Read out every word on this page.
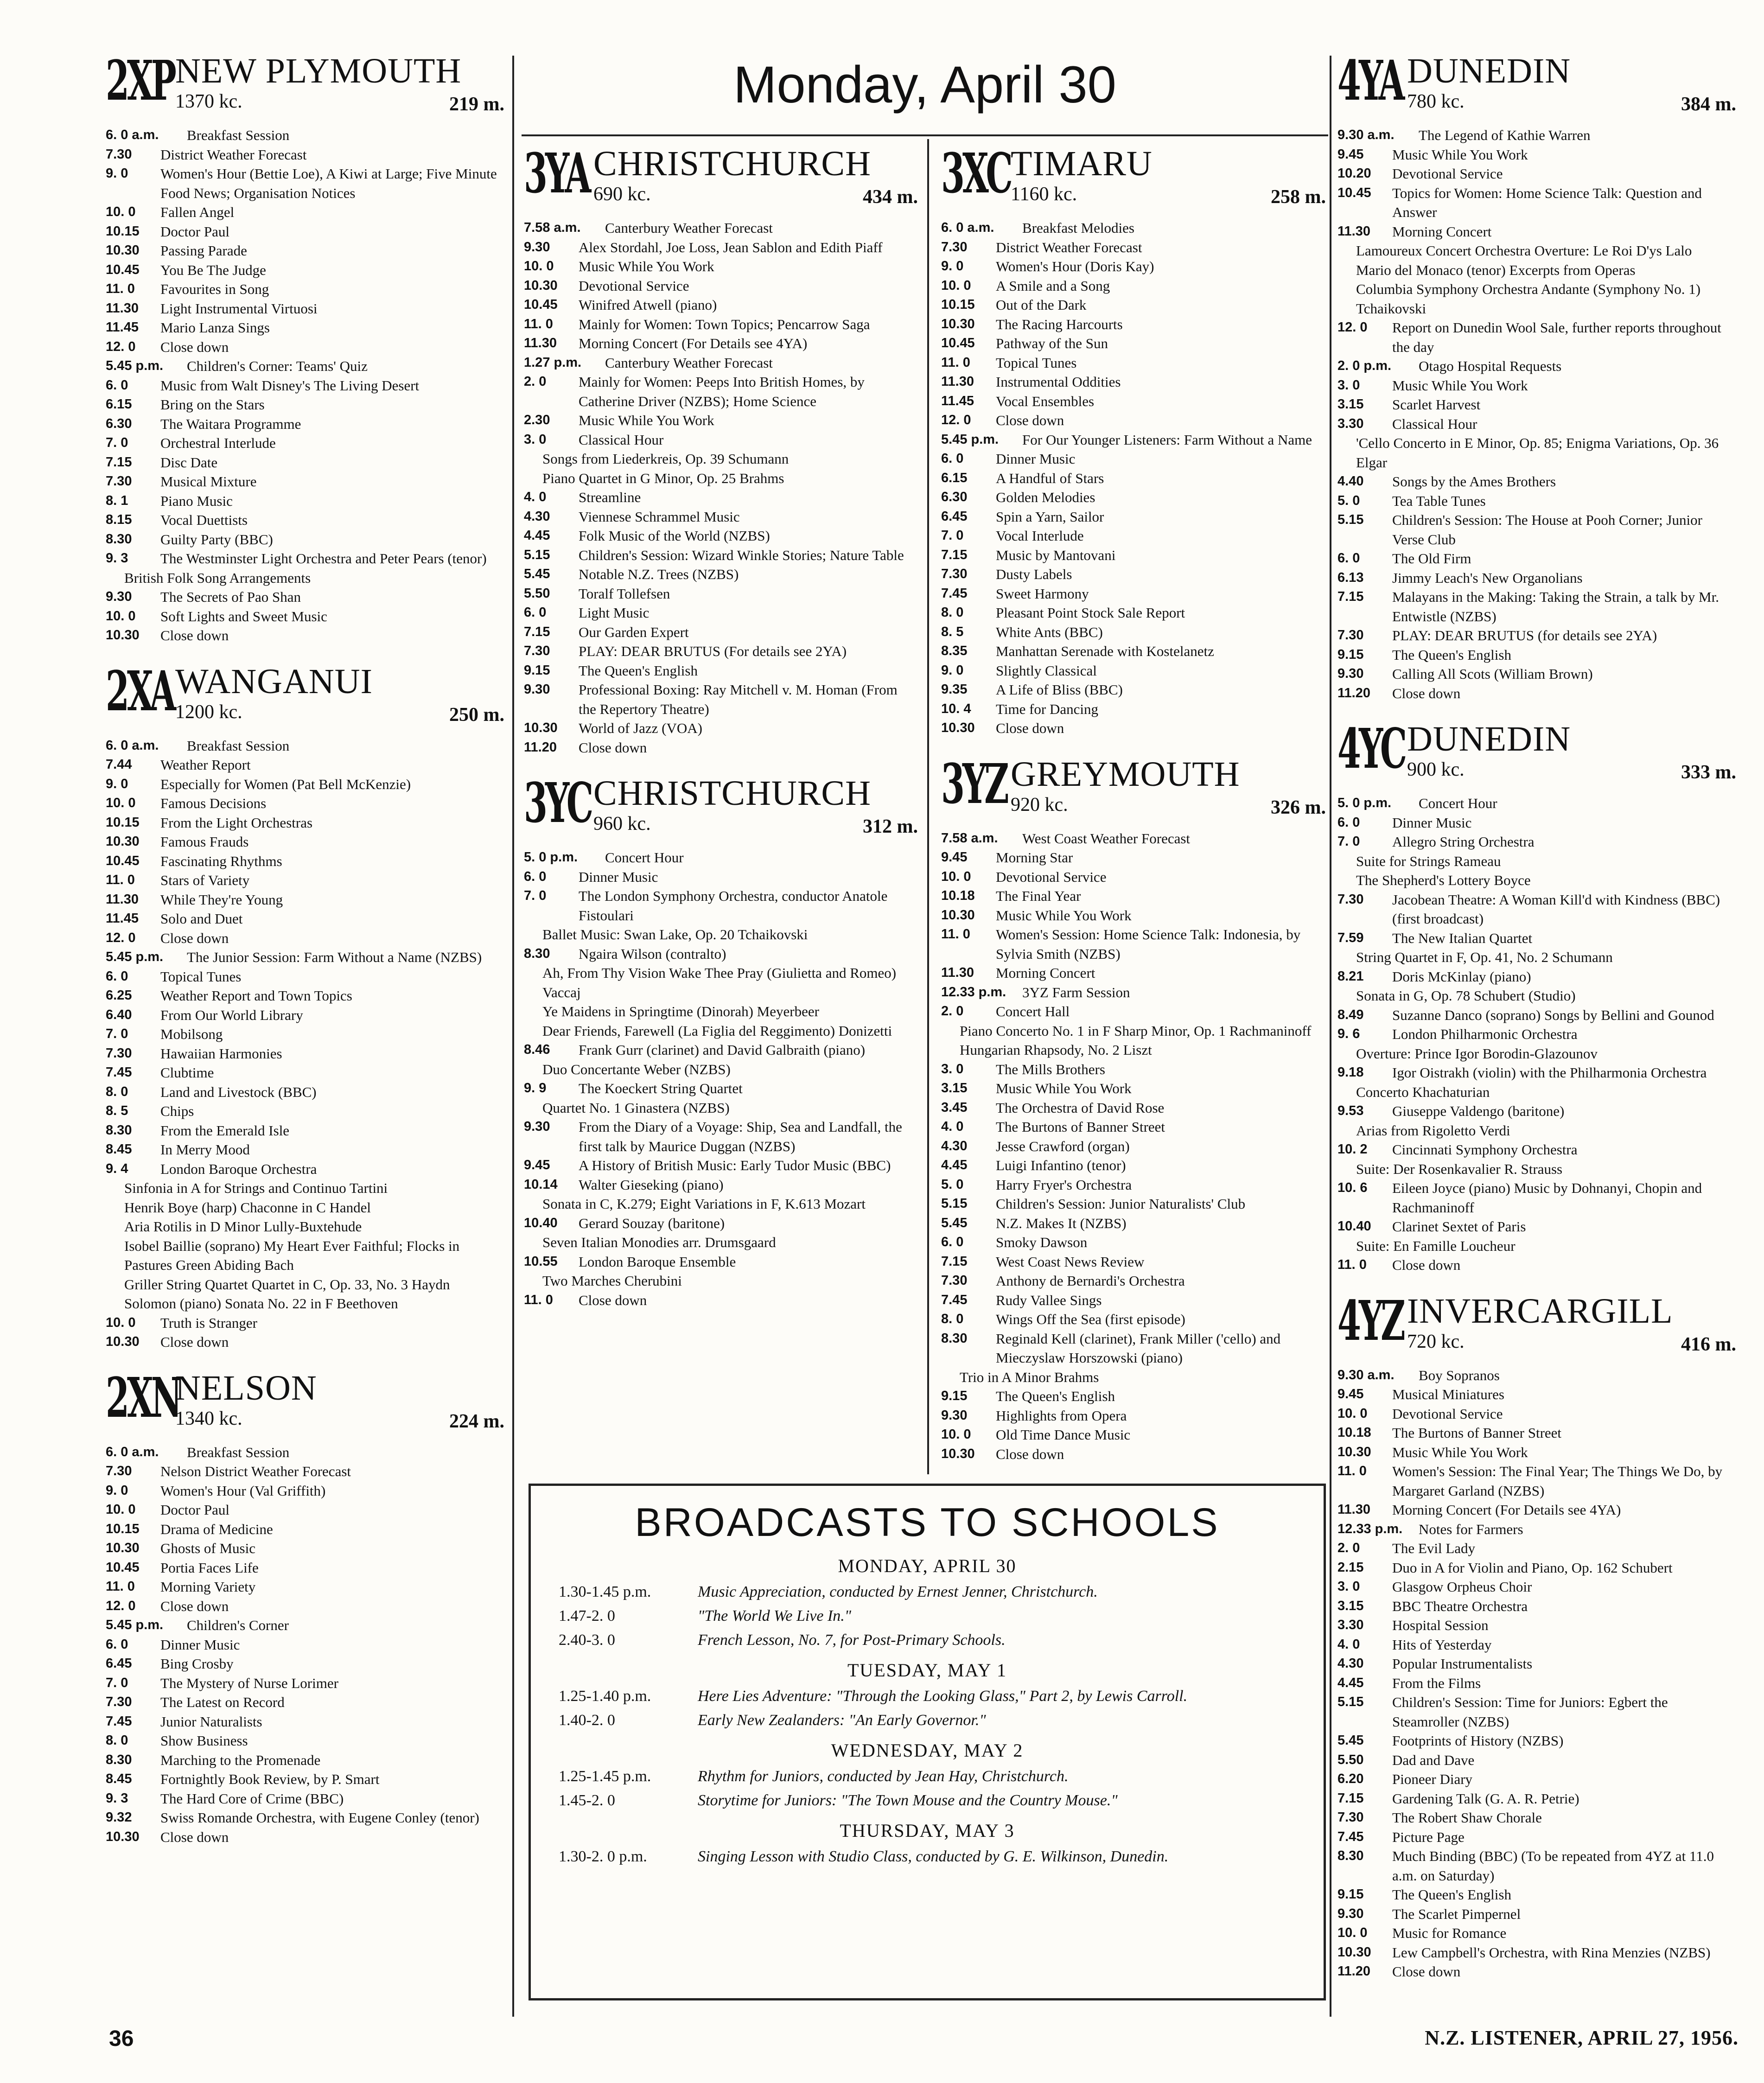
Monday, April 30
2XP NEW PLYMOUTH
1370 kc.	219 m.
6. 0 a.m.	Breakfast Session
7.30	District Weather Forecast
9. 0	Women's Hour (Bettie Loe), A Kiwi at Large; Five Minute Food News; Organisation Notices
10. 0	Fallen Angel
10.15	Doctor Paul
10.30	Passing Parade
10.45	You Be The Judge
11. 0	Favourites in Song
11.30	Light Instrumental Virtuosi
11.45	Mario Lanza Sings
12. 0	Close down
5.45 p.m.	Children's Corner: Teams' Quiz
6. 0	Music from Walt Disney's The Living Desert
6.15	Bring on the Stars
6.30	The Waitara Programme
7. 0	Orchestral Interlude
7.15	Disc Date
7.30	Musical Mixture
8. 1	Piano Music
8.15	Vocal Duettists
8.30	Guilty Party (BBC)
9. 3	The Westminster Light Orchestra and Peter Pears (tenor)
British Folk Song Arrangements
9.30	The Secrets of Pao Shan
10. 0	Soft Lights and Sweet Music
10.30	Close down
2XA WANGANUI
1200 kc.	250 m.
6. 0 a.m.	Breakfast Session
7.44	Weather Report
9. 0	Especially for Women (Pat Bell McKenzie)
10. 0	Famous Decisions
10.15	From the Light Orchestras
10.30	Famous Frauds
10.45	Fascinating Rhythms
11. 0	Stars of Variety
11.30	While They're Young
11.45	Solo and Duet
12. 0	Close down
5.45 p.m.	The Junior Session: Farm Without a Name (NZBS)
6. 0	Topical Tunes
6.25	Weather Report and Town Topics
6.40	From Our World Library
7. 0	Mobilsong
7.30	Hawaiian Harmonies
7.45	Clubtime
8. 0	Land and Livestock (BBC)
8. 5	Chips
8.30	From the Emerald Isle
8.45	In Merry Mood
9. 4	London Baroque Orchestra
Sinfonia in A for Strings and Continuo Tartini
Henrik Boye (harp) Chaconne in C Handel
Aria Rotilis in D Minor Lully-Buxtehude
Isobel Baillie (soprano) My Heart Ever Faithful; Flocks in Pastures Green Abiding Bach
Griller String Quartet Quartet in C, Op. 33, No. 3 Haydn
Solomon (piano) Sonata No. 22 in F Beethoven
10. 0	Truth is Stranger
10.30	Close down
2XN
NELSON
1340 kc.	224 m.
6. 0 a.m.	Breakfast Session
7.30	Nelson District Weather Forecast
9. 0	Women's Hour (Val Griffith)
10. 0	Doctor Paul
10.15	Drama of Medicine
10.30	Ghosts of Music
10.45	Portia Faces Life
11. 0	Morning Variety
12. 0	Close down
5.45 p.m.	Children's Corner
6. 0	Dinner Music
6.45	Bing Crosby
7. 0	The Mystery of Nurse Lorimer
7.30	The Latest on Record
7.45	Junior Naturalists
8. 0	Show Business
8.30	Marching to the Promenade
8.45	Fortnightly Book Review, by P. Smart
9. 3	The Hard Core of Crime (BBC)
9.32	Swiss Romande Orchestra, with Eugene Conley (tenor)
10.30	Close down
3YA CHRISTCHURCH
690 kc.	434 m.
7.58 a.m.	Canterbury Weather Forecast
9.30	Alex Stordahl, Joe Loss, Jean Sablon and Edith Piaff
10. 0	Music While You Work
10.30	Devotional Service
10.45	Winifred Atwell (piano)
11. 0	Mainly for Women: Town Topics; Pencarrow Saga
11.30	Morning Concert (For Details see 4YA)
1.27 p.m.	Canterbury Weather Forecast
2. 0	Mainly for Women: Peeps Into British Homes, by Catherine Driver (NZBS); Home Science
2.30	Music While You Work
3. 0	Classical Hour
Songs from Liederkreis, Op. 39 Schumann
Piano Quartet in G Minor, Op. 25 Brahms
4. 0	Streamline
4.30	Viennese Schrammel Music
4.45	Folk Music of the World (NZBS)
5.15	Children's Session: Wizard Winkle Stories; Nature Table
5.45	Notable N.Z. Trees (NZBS)
5.50	Toralf Tollefsen
6. 0	Light Music
7.15	Our Garden Expert
7.30	PLAY: DEAR BRUTUS (For details see 2YA)
9.15	The Queen's English
9.30	Professional Boxing: Ray Mitchell v. M. Homan (From the Repertory Theatre)
10.30	World of Jazz (VOA)
11.20	Close down
3YC CHRISTCHURCH
960 kc.	312 m.
5. 0 p.m.	Concert Hour
6. 0	Dinner Music
7. 0	The London Symphony Orchestra, conductor Anatole Fistoulari
Ballet Music: Swan Lake, Op. 20 Tchaikovski
8.30	Ngaira Wilson (contralto)
Ah, From Thy Vision Wake Thee Pray (Giulietta and Romeo) Vaccaj
Ye Maidens in Springtime (Dinorah) Meyerbeer
Dear Friends, Farewell (La Figlia del Reggimento) Donizetti
8.46	Frank Gurr (clarinet) and David Galbraith (piano)
Duo Concertante Weber (NZBS)
9. 9	The Koeckert String Quartet
Quartet No. 1 Ginastera (NZBS)
9.30	From the Diary of a Voyage: Ship, Sea and Landfall, the first talk by Maurice Duggan (NZBS)
9.45	A History of British Music: Early Tudor Music (BBC)
10.14	Walter Gieseking (piano)
Sonata in C, K.279; Eight Variations in F, K.613 Mozart
10.40	Gerard Souzay (baritone)
Seven Italian Monodies arr. Drumsgaard
10.55	London Baroque Ensemble
Two Marches Cherubini
11. 0	Close down
3XC TIMARU
1160 kc.	258 m.
6. 0 a.m.	Breakfast Melodies
7.30	District Weather Forecast
9. 0	Women's Hour (Doris Kay)
10. 0	A Smile and a Song
10.15	Out of the Dark
10.30	The Racing Harcourts
10.45	Pathway of the Sun
11. 0	Topical Tunes
11.30	Instrumental Oddities
11.45	Vocal Ensembles
12. 0	Close down
5.45 p.m.	For Our Younger Listeners: Farm Without a Name
6. 0	Dinner Music
6.15	A Handful of Stars
6.30	Golden Melodies
6.45	Spin a Yarn, Sailor
7. 0	Vocal Interlude
7.15	Music by Mantovani
7.30	Dusty Labels
7.45	Sweet Harmony
8. 0	Pleasant Point Stock Sale Report
8. 5	White Ants (BBC)
8.35	Manhattan Serenade with Kostelanetz
9. 0	Slightly Classical
9.35	A Life of Bliss (BBC)
10. 4	Time for Dancing
10.30	Close down
3YZ GREYMOUTH
920 kc.	326 m.
7.58 a.m.	West Coast Weather Forecast
9.45	Morning Star
10. 0	Devotional Service
10.18	The Final Year
10.30	Music While You Work
11. 0	Women's Session: Home Science Talk: Indonesia, by Sylvia Smith (NZBS)
11.30	Morning Concert
12.33 p.m.	3YZ Farm Session
2. 0	Concert Hall
Piano Concerto No. 1 in F Sharp Minor, Op. 1 Rachmaninoff
Hungarian Rhapsody, No. 2 Liszt
3. 0	The Mills Brothers
3.15	Music While You Work
3.45	The Orchestra of David Rose
4. 0	The Burtons of Banner Street
4.30	Jesse Crawford (organ)
4.45	Luigi Infantino (tenor)
5. 0	Harry Fryer's Orchestra
5.15	Children's Session: Junior Naturalists' Club
5.45	N.Z. Makes It (NZBS)
6. 0	Smoky Dawson
7.15	West Coast News Review
7.30	Anthony de Bernardi's Orchestra
7.45	Rudy Vallee Sings
8. 0	Wings Off the Sea (first episode)
8.30	Reginald Kell (clarinet), Frank Miller ('cello) and Mieczyslaw Horszowski (piano)
Trio in A Minor Brahms
9.15	The Queen's English
9.30	Highlights from Opera
10. 0	Old Time Dance Music
10.30	Close down
4YA DUNEDIN
780 kc.	384 m.
9.30 a.m.	The Legend of Kathie Warren
9.45	Music While You Work
10.20	Devotional Service
10.45	Topics for Women: Home Science Talk: Question and Answer
11.30	Morning Concert
Lamoureux Concert Orchestra Overture: Le Roi D'ys Lalo
Mario del Monaco (tenor) Excerpts from Operas
Columbia Symphony Orchestra Andante (Symphony No. 1) Tchaikovski
12. 0	Report on Dunedin Wool Sale, further reports throughout the day
2. 0 p.m.	Otago Hospital Requests
3. 0	Music While You Work
3.15	Scarlet Harvest
3.30	Classical Hour
'Cello Concerto in E Minor, Op. 85; Enigma Variations, Op. 36 Elgar
4.40	Songs by the Ames Brothers
5. 0	Tea Table Tunes
5.15	Children's Session: The House at Pooh Corner; Junior Verse Club
6. 0	The Old Firm
6.13	Jimmy Leach's New Organolians
7.15	Malayans in the Making: Taking the Strain, a talk by Mr. Entwistle (NZBS)
7.30	PLAY: DEAR BRUTUS (for details see 2YA)
9.15	The Queen's English
9.30	Calling All Scots (William Brown)
11.20	Close down
4YC DUNEDIN
900 kc.	333 m.
5. 0 p.m.	Concert Hour
6. 0	Dinner Music
7. 0	Allegro String Orchestra
Suite for Strings Rameau
The Shepherd's Lottery Boyce
7.30	Jacobean Theatre: A Woman Kill'd with Kindness (BBC) (first broadcast)
7.59	The New Italian Quartet
String Quartet in F, Op. 41, No. 2 Schumann
8.21	Doris McKinlay (piano)
Sonata in G, Op. 78 Schubert (Studio)
8.49	Suzanne Danco (soprano) Songs by Bellini and Gounod
9. 6	London Philharmonic Orchestra
Overture: Prince Igor Borodin-Glazounov
9.18	Igor Oistrakh (violin) with the Philharmonia Orchestra
Concerto Khachaturian
9.53	Giuseppe Valdengo (baritone)
Arias from Rigoletto Verdi
10. 2	Cincinnati Symphony Orchestra
Suite: Der Rosenkavalier R. Strauss
10. 6	Eileen Joyce (piano) Music by Dohnanyi, Chopin and Rachmaninoff
10.40	Clarinet Sextet of Paris
Suite: En Famille Loucheur
11. 0	Close down
4YZ INVERCARGILL
720 kc.	416 m.
9.30 a.m.	Boy Sopranos
9.45	Musical Miniatures
10. 0	Devotional Service
10.18	The Burtons of Banner Street
10.30	Music While You Work
11. 0	Women's Session: The Final Year; The Things We Do, by Margaret Garland (NZBS)
11.30	Morning Concert (For Details see 4YA)
12.33 p.m.	Notes for Farmers
2. 0	The Evil Lady
2.15	Duo in A for Violin and Piano, Op. 162 Schubert
3. 0	Glasgow Orpheus Choir
3.15	BBC Theatre Orchestra
3.30	Hospital Session
4. 0	Hits of Yesterday
4.30	Popular Instrumentalists
4.45	From the Films
5.15	Children's Session: Time for Juniors: Egbert the Steamroller (NZBS)
5.45	Footprints of History (NZBS)
5.50	Dad and Dave
6.20	Pioneer Diary
7.15	Gardening Talk (G. A. R. Petrie)
7.30	The Robert Shaw Chorale
7.45	Picture Page
8.30	Much Binding (BBC) (To be repeated from 4YZ at 11.0 a.m. on Saturday)
9.15	The Queen's English
9.30	The Scarlet Pimpernel
10. 0	Music for Romance
10.30	Lew Campbell's Orchestra, with Rina Menzies (NZBS)
11.20	Close down
BROADCASTS TO SCHOOLS
MONDAY, APRIL 30
1.30-1.45 p.m.	Music Appreciation, conducted by Ernest Jenner, Christchurch.
1.47-2. 0	"The World We Live In."
2.40-3. 0	French Lesson, No. 7, for Post-Primary Schools.
TUESDAY, MAY 1
1.25-1.40 p.m.	Here Lies Adventure: "Through the Looking Glass," Part 2, by Lewis Carroll.
1.40-2. 0	Early New Zealanders: "An Early Governor."
WEDNESDAY, MAY 2
1.25-1.45 p.m.	Rhythm for Juniors, conducted by Jean Hay, Christchurch.
1.45-2. 0	Storytime for Juniors: "The Town Mouse and the Country Mouse."
THURSDAY, MAY 3
1.30-2. 0 p.m.	Singing Lesson with Studio Class, conducted by G. E. Wilkinson, Dunedin.
36	N.Z. LISTENER, APRIL 27, 1956.
